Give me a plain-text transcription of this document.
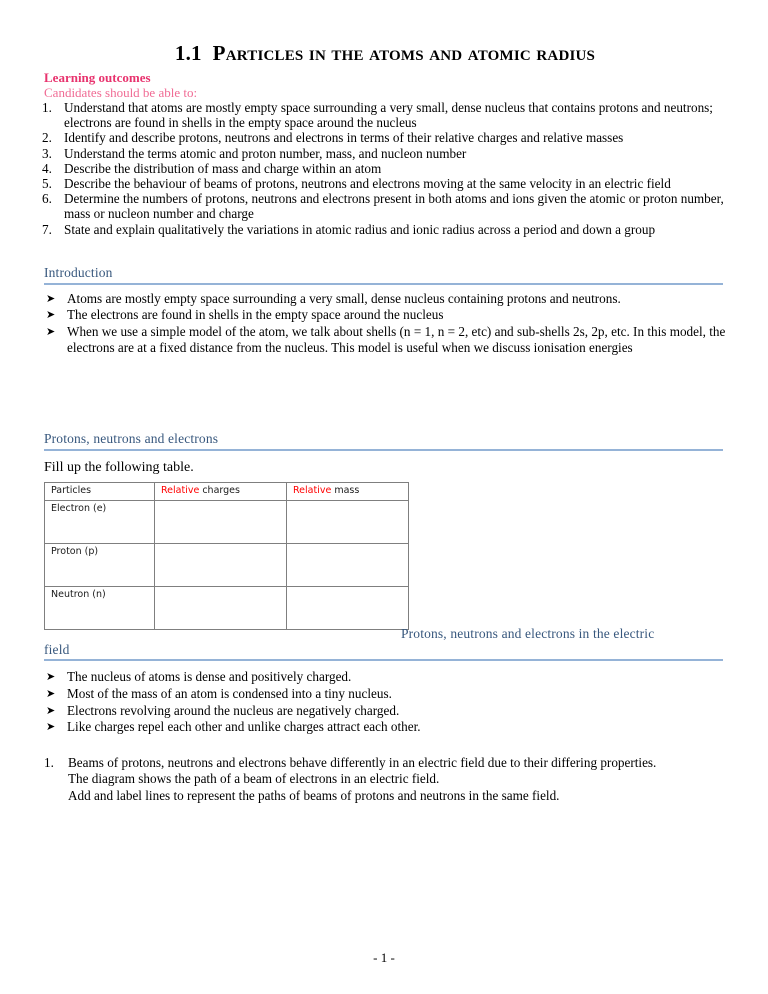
1.1 Particles in the atoms and atomic radius
Learning outcomes
Candidates should be able to:
1. Understand that atoms are mostly empty space surrounding a very small, dense nucleus that contains protons and neutrons; electrons are found in shells in the empty space around the nucleus
2. Identify and describe protons, neutrons and electrons in terms of their relative charges and relative masses
3. Understand the terms atomic and proton number, mass, and nucleon number
4. Describe the distribution of mass and charge within an atom
5. Describe the behaviour of beams of protons, neutrons and electrons moving at the same velocity in an electric field
6. Determine the numbers of protons, neutrons and electrons present in both atoms and ions given the atomic or proton number, mass or nucleon number and charge
7. State and explain qualitatively the variations in atomic radius and ionic radius across a period and down a group
Introduction
➤ Atoms are mostly empty space surrounding a very small, dense nucleus containing protons and neutrons.
➤ The electrons are found in shells in the empty space around the nucleus
➤ When we use a simple model of the atom, we talk about shells (n = 1, n = 2, etc) and sub-shells 2s, 2p, etc. In this model, the electrons are at a fixed distance from the nucleus. This model is useful when we discuss ionisation energies
Protons, neutrons and electrons
Fill up the following table.
Particles	Relative charges	Relative mass
Electron (e)		
Proton (p)		
Neutron (n)		
Protons, neutrons and electrons in the electric
field
➤ The nucleus of atoms is dense and positively charged.
➤ Most of the mass of an atom is condensed into a tiny nucleus.
➤ Electrons revolving around the nucleus are negatively charged.
➤ Like charges repel each other and unlike charges attract each other.
1.	Beams of protons, neutrons and electrons behave differently in an electric field due to their differing properties.
The diagram shows the path of a beam of electrons in an electric field.
Add and label lines to represent the paths of beams of protons and neutrons in the same field.
- 1 -
